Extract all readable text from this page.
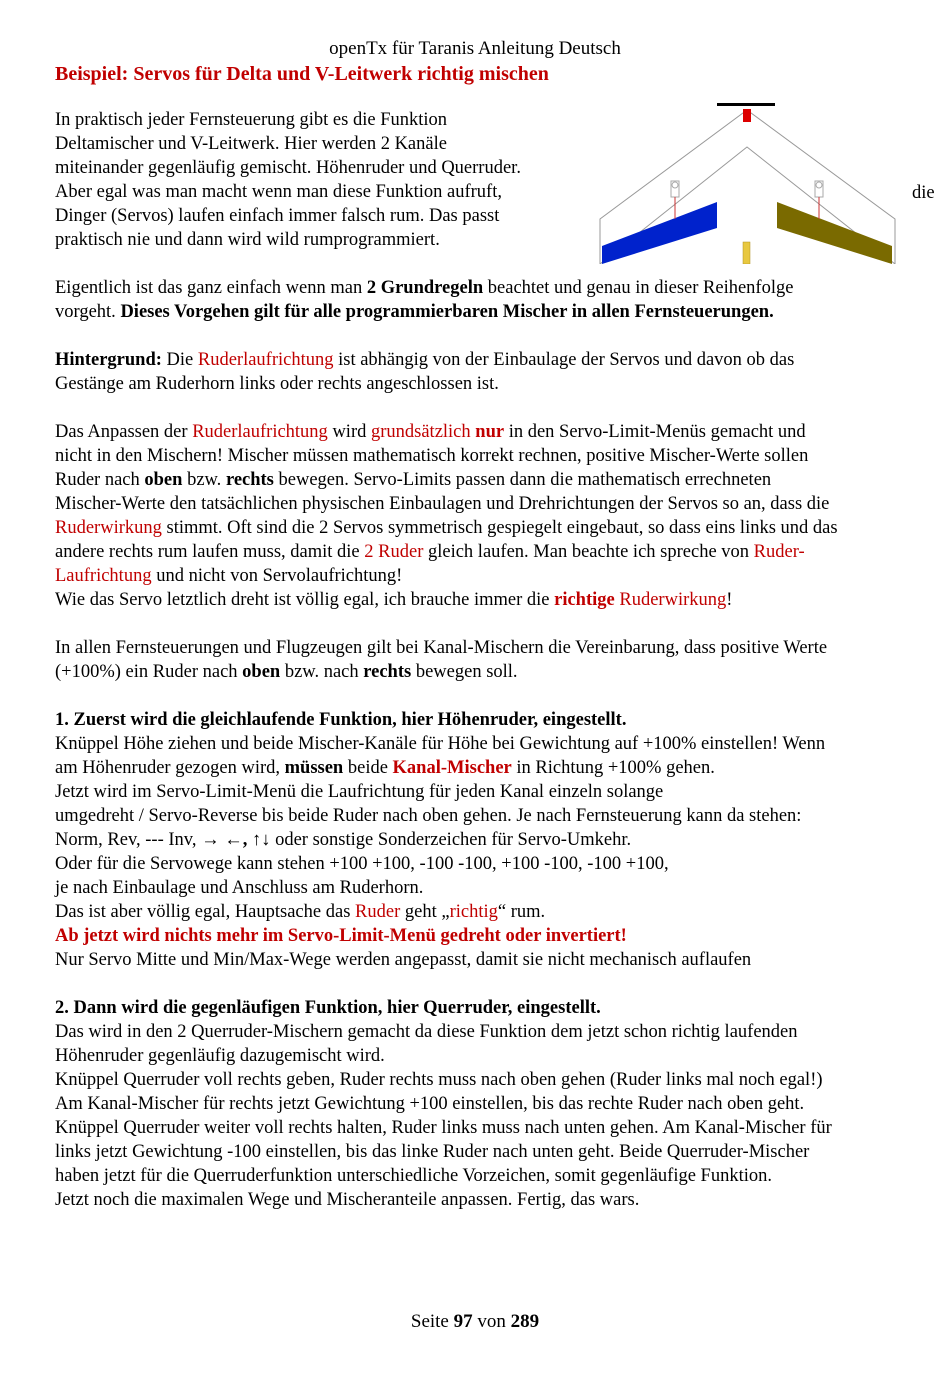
openTx für Taranis Anleitung Deutsch
Beispiel: Servos für Delta und V-Leitwerk richtig mischen
In praktisch jeder Fernsteuerung gibt es die Funktion
Deltamischer und V-Leitwerk. Hier werden 2 Kanäle
miteinander gegenläufig gemischt. Höhenruder und Querruder.
Aber egal was man macht wenn man diese Funktion aufruft,
Dinger (Servos) laufen einfach immer falsch rum. Das passt
praktisch nie und dann wird wild rumprogrammiert.
die

Eigentlich ist das ganz einfach wenn man 2 Grundregeln beachtet und genau in dieser Reihenfolge
vorgeht. Dieses Vorgehen gilt für alle programmierbaren Mischer in allen Fernsteuerungen.

Hintergrund: Die Ruderlaufrichtung ist abhängig von der Einbaulage der Servos und davon ob das
Gestänge am Ruderhorn links oder rechts angeschlossen ist.

Das Anpassen der Ruderlaufrichtung wird grundsätzlich nur in den Servo-Limit-Menüs gemacht und
nicht in den Mischern! Mischer müssen mathematisch korrekt rechnen, positive Mischer-Werte sollen
Ruder nach oben bzw. rechts bewegen. Servo-Limits passen dann die mathematisch errechneten
Mischer-Werte den tatsächlichen physischen Einbaulagen und Drehrichtungen der Servos so an, dass die
Ruderwirkung stimmt. Oft sind die 2 Servos symmetrisch gespiegelt eingebaut, so dass eins links und das
andere rechts rum laufen muss, damit die 2 Ruder gleich laufen. Man beachte ich spreche von Ruder-
Laufrichtung und nicht von Servolaufrichtung!
Wie das Servo letztlich dreht ist völlig egal, ich brauche immer die richtige Ruderwirkung!

In allen Fernsteuerungen und Flugzeugen gilt bei Kanal-Mischern die Vereinbarung, dass positive Werte
(+100%) ein Ruder nach oben bzw. nach rechts bewegen soll.

1. Zuerst wird die gleichlaufende Funktion, hier Höhenruder, eingestellt.
Knüppel Höhe ziehen und beide Mischer-Kanäle für Höhe bei Gewichtung auf +100% einstellen! Wenn
am Höhenruder gezogen wird, müssen beide Kanal-Mischer in Richtung +100% gehen.
Jetzt wird im Servo-Limit-Menü die Laufrichtung für jeden Kanal einzeln solange
umgedreht / Servo-Reverse bis beide Ruder nach oben gehen. Je nach Fernsteuerung kann da stehen:
Norm, Rev, --- Inv, → ←, ↑↓ oder sonstige Sonderzeichen für Servo-Umkehr.
Oder für die Servowege kann stehen +100 +100, -100 -100, +100 -100, -100 +100,
je nach Einbaulage und Anschluss am Ruderhorn.
Das ist aber völlig egal, Hauptsache das Ruder geht „richtig“ rum.
Ab jetzt wird nichts mehr im Servo-Limit-Menü gedreht oder invertiert!
Nur Servo Mitte und Min/Max-Wege werden angepasst, damit sie nicht mechanisch auflaufen

2. Dann wird die gegenläufigen Funktion, hier Querruder, eingestellt.
Das wird in den 2 Querruder-Mischern gemacht da diese Funktion dem jetzt schon richtig laufenden
Höhenruder gegenläufig dazugemischt wird.
Knüppel Querruder voll rechts geben, Ruder rechts muss nach oben gehen (Ruder links mal noch egal!)
Am Kanal-Mischer für rechts jetzt Gewichtung +100 einstellen, bis das rechte Ruder nach oben geht.
Knüppel Querruder weiter voll rechts halten, Ruder links muss nach unten gehen. Am Kanal-Mischer für
links jetzt Gewichtung -100 einstellen, bis das linke Ruder nach unten geht. Beide Querruder-Mischer
haben jetzt für die Querruderfunktion unterschiedliche Vorzeichen, somit gegenläufige Funktion.
Jetzt noch die maximalen Wege und Mischeranteile anpassen. Fertig, das wars.

Seite 97 von 289
